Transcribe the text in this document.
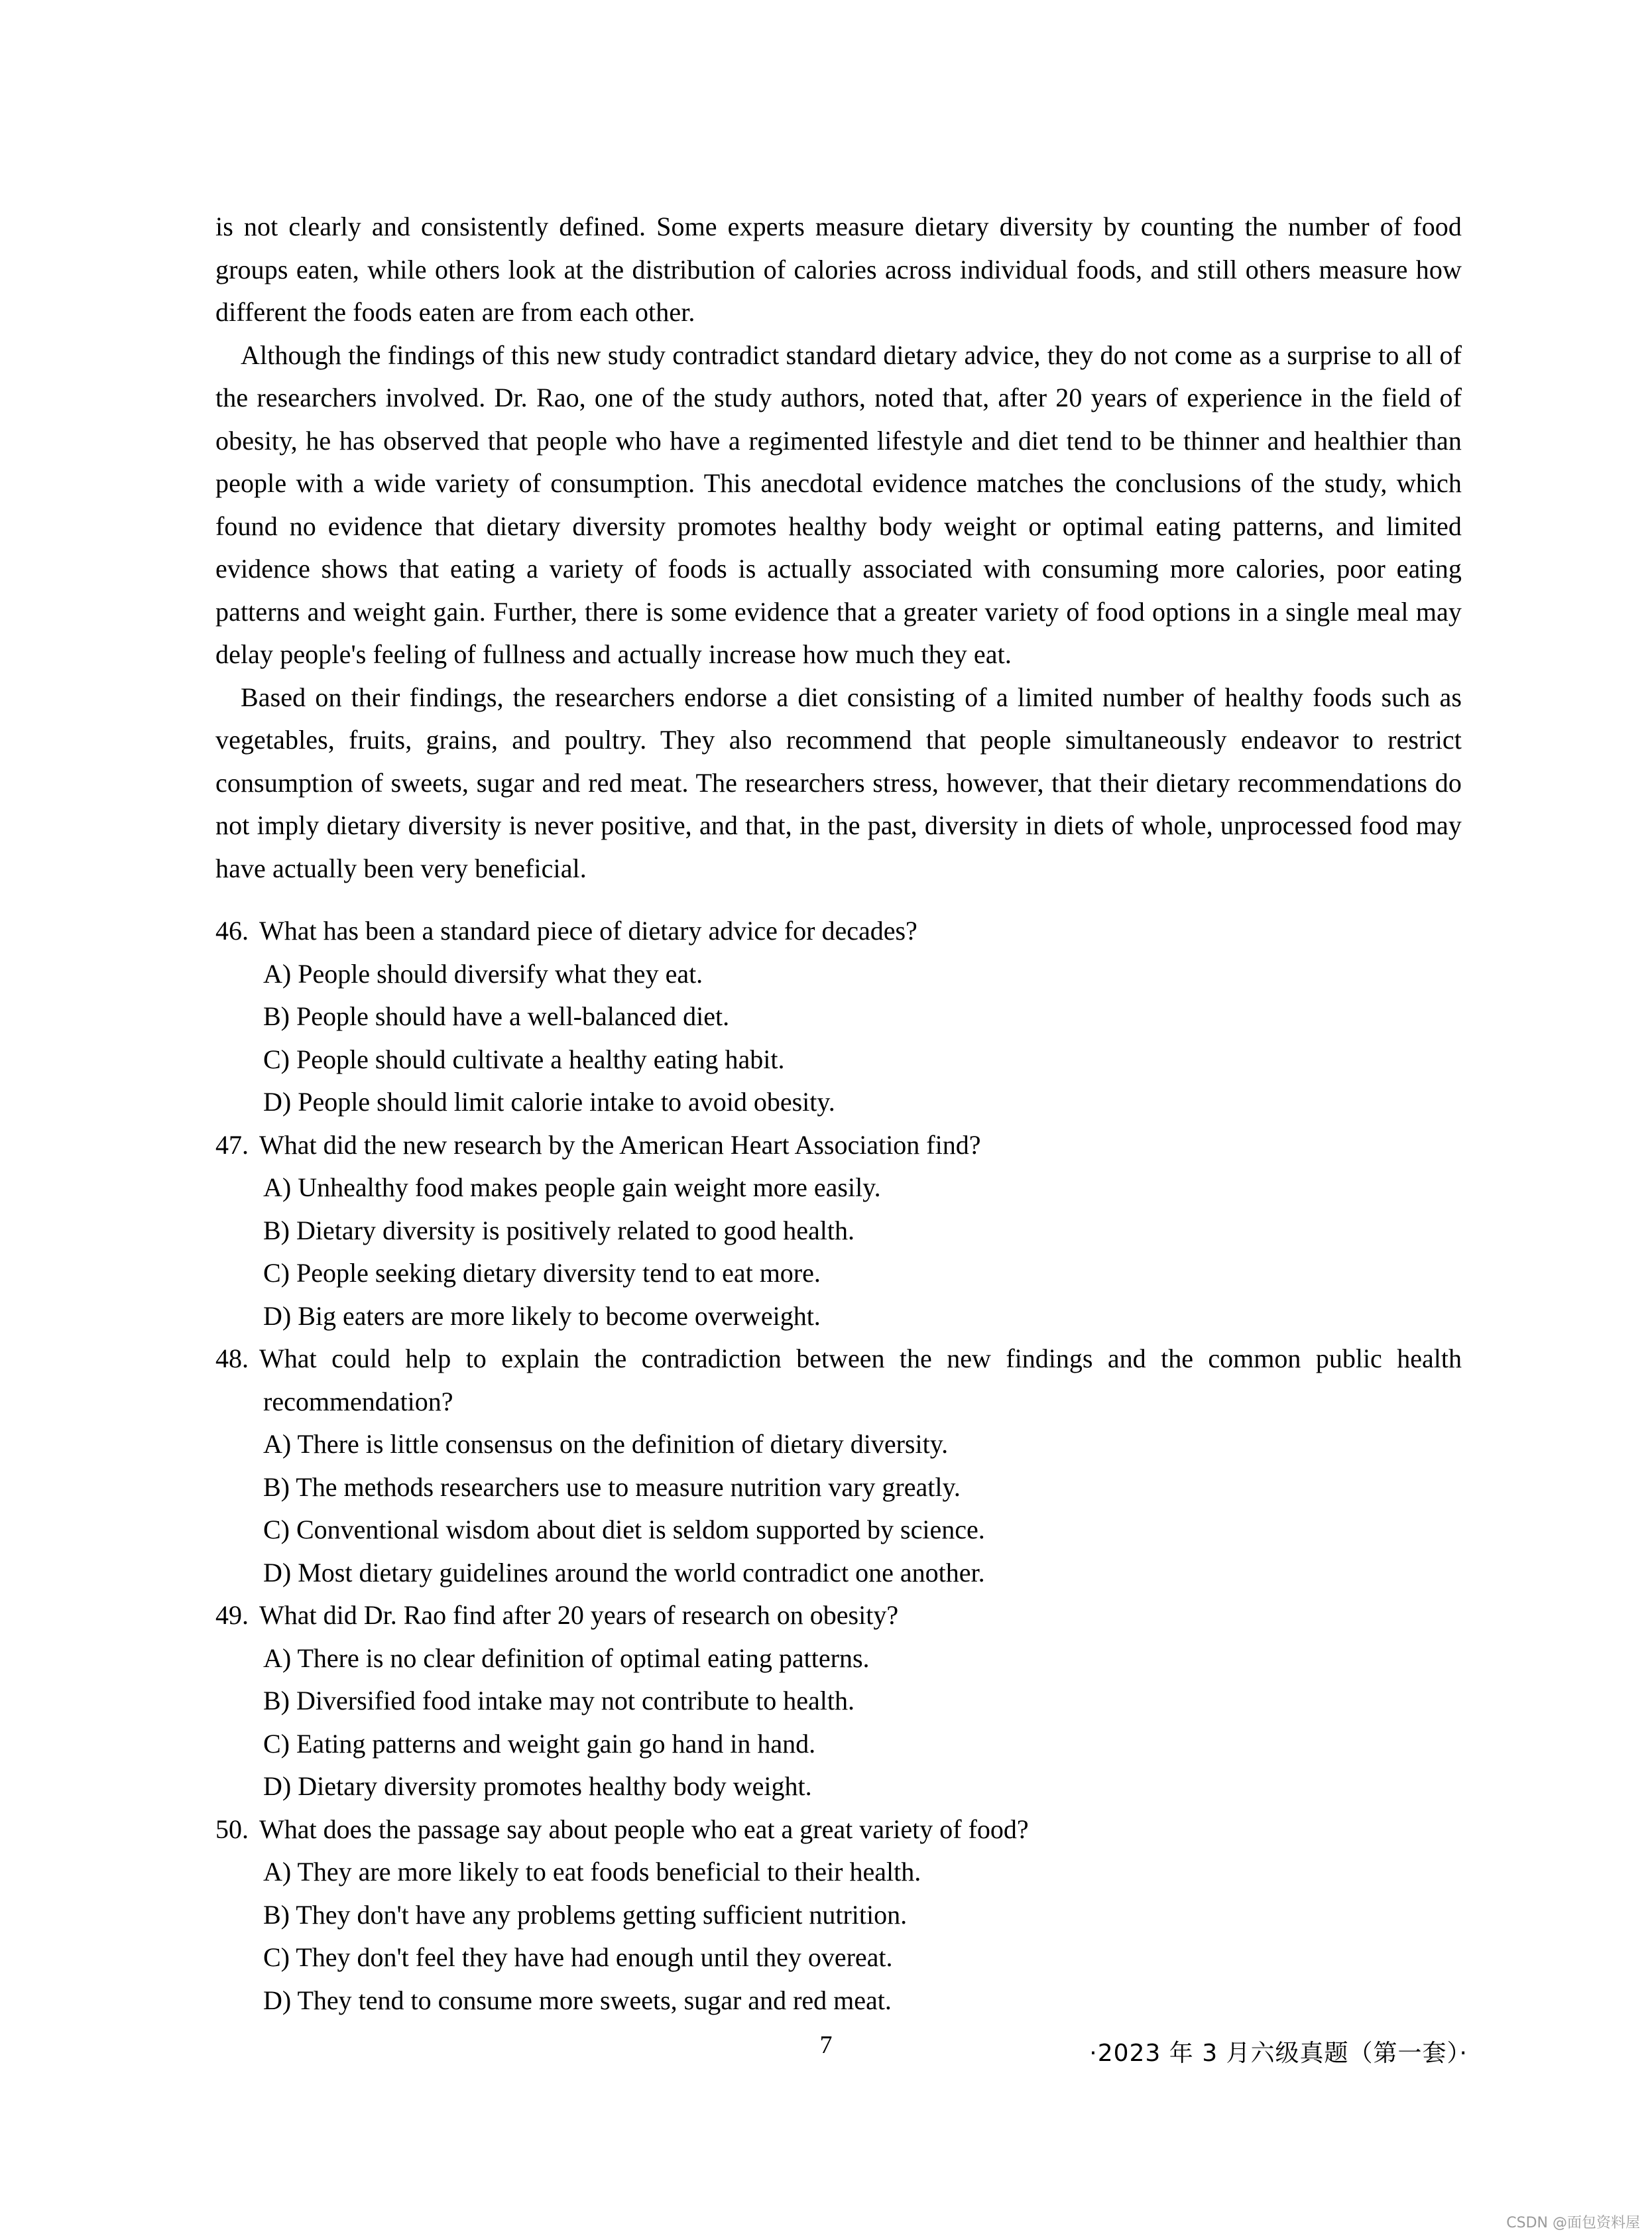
is not clearly and consistently defined. Some experts measure dietary diversity by counting the number of food groups eaten, while others look at the distribution of calories across individual foods, and still others measure how different the foods eaten are from each other.

Although the findings of this new study contradict standard dietary advice, they do not come as a surprise to all of the researchers involved. Dr. Rao, one of the study authors, noted that, after 20 years of experience in the field of obesity, he has observed that people who have a regimented lifestyle and diet tend to be thinner and healthier than people with a wide variety of consumption. This anecdotal evidence matches the conclusions of the study, which found no evidence that dietary diversity promotes healthy body weight or optimal eating patterns, and limited evidence shows that eating a variety of foods is actually associated with consuming more calories, poor eating patterns and weight gain. Further, there is some evidence that a greater variety of food options in a single meal may delay people's feeling of fullness and actually increase how much they eat.

Based on their findings, the researchers endorse a diet consisting of a limited number of healthy foods such as vegetables, fruits, grains, and poultry. They also recommend that people simultaneously endeavor to restrict consumption of sweets, sugar and red meat. The researchers stress, however, that their dietary recommendations do not imply dietary diversity is never positive, and that, in the past, diversity in diets of whole, unprocessed food may have actually been very beneficial.

46. What has been a standard piece of dietary advice for decades?
A) People should diversify what they eat.
B) People should have a well-balanced diet.
C) People should cultivate a healthy eating habit.
D) People should limit calorie intake to avoid obesity.
47. What did the new research by the American Heart Association find?
A) Unhealthy food makes people gain weight more easily.
B) Dietary diversity is positively related to good health.
C) People seeking dietary diversity tend to eat more.
D) Big eaters are more likely to become overweight.
48. What could help to explain the contradiction between the new findings and the common public health recommendation?
A) There is little consensus on the definition of dietary diversity.
B) The methods researchers use to measure nutrition vary greatly.
C) Conventional wisdom about diet is seldom supported by science.
D) Most dietary guidelines around the world contradict one another.
49. What did Dr. Rao find after 20 years of research on obesity?
A) There is no clear definition of optimal eating patterns.
B) Diversified food intake may not contribute to health.
C) Eating patterns and weight gain go hand in hand.
D) Dietary diversity promotes healthy body weight.
50. What does the passage say about people who eat a great variety of food?
A) They are more likely to eat foods beneficial to their health.
B) They don't have any problems getting sufficient nutrition.
C) They don't feel they have had enough until they overeat.
D) They tend to consume more sweets, sugar and red meat.
7	·2023 年 3 月六级真题（第一套）·
CSDN @面包资料屋
